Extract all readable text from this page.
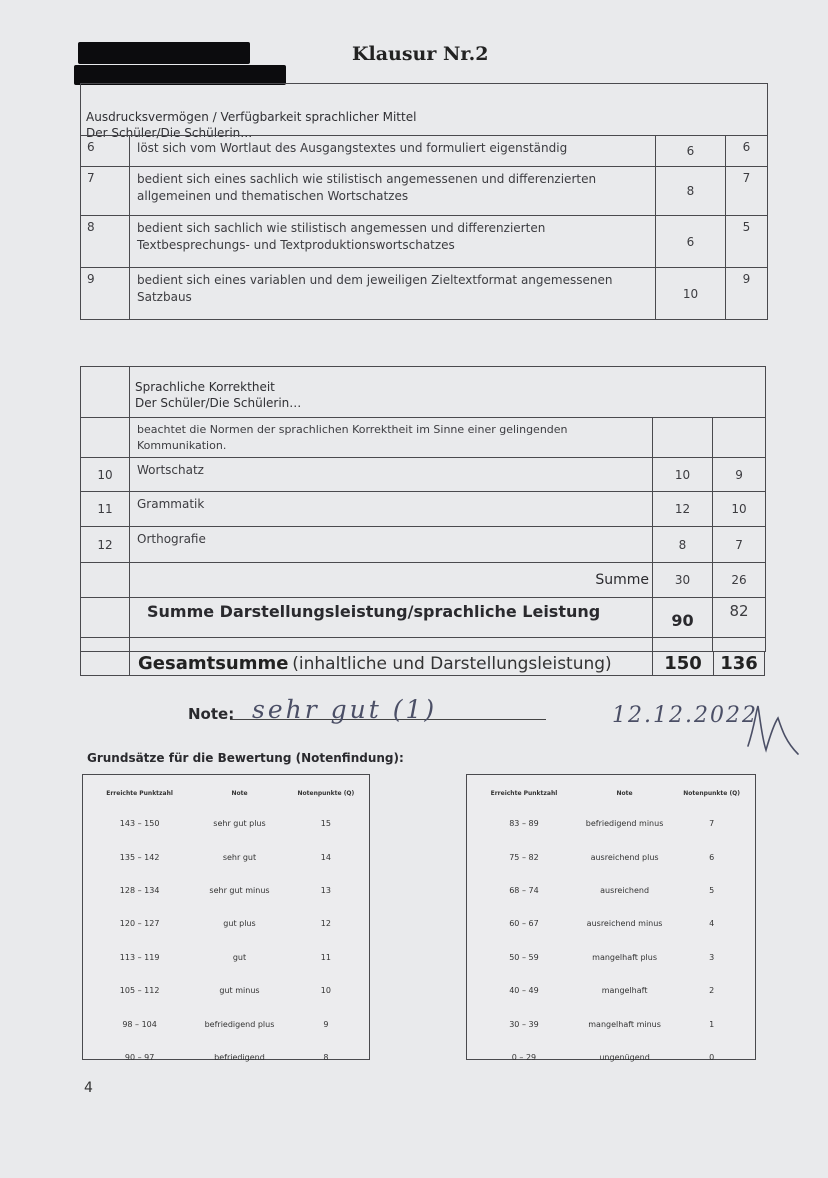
Klausur Nr.2
Ausdrucksvermögen / Verfügbarkeit sprachlicher Mittel
Der Schüler/Die Schülerin…
6	löst sich vom Wortlaut des Ausgangstextes und formuliert eigenständig	6	6
7	bedient sich eines sachlich wie stilistisch angemessenen und differenzierten allgemeinen und thematischen Wortschatzes	8	7
8	bedient sich sachlich wie stilistisch angemessen und differenzierten Textbesprechungs- und Textproduktionswortschatzes	6	5
9	bedient sich eines variablen und dem jeweiligen Zieltextformat angemessenen Satzbaus	10	9

	Sprachliche Korrektheit
Der Schüler/Die Schülerin…		

	beachtet die Normen der sprachlichen Korrektheit im Sinne einer gelingenden Kommunikation.		
10	Wortschatz	10	9
11	Grammatik	12	10
12	Orthografie	8	7
	Summe	30	26
	Summe Darstellungsleistung/sprachliche Leistung	90	82

	Gesamtsumme (inhaltliche und Darstellungsleistung)	150	136
Note: sehr gut (1)	12.12.2022
Grundsätze für die Bewertung (Notenfindung):
Erreichte Punktzahl	Note	Notenpunkte (Q)
143 – 150	sehr gut plus	15
135 – 142	sehr gut	14
128 – 134	sehr gut minus	13
120 – 127	gut plus	12
113 – 119	gut	11
105 – 112	gut minus	10
98 – 104	befriedigend plus	9
90 – 97	befriedigend	8
Erreichte Punktzahl	Note	Notenpunkte (Q)
83 – 89	befriedigend minus	7
75 – 82	ausreichend plus	6
68 – 74	ausreichend	5
60 – 67	ausreichend minus	4
50 – 59	mangelhaft plus	3
40 – 49	mangelhaft	2
30 – 39	mangelhaft minus	1
0 – 29	ungenügend	0
4
